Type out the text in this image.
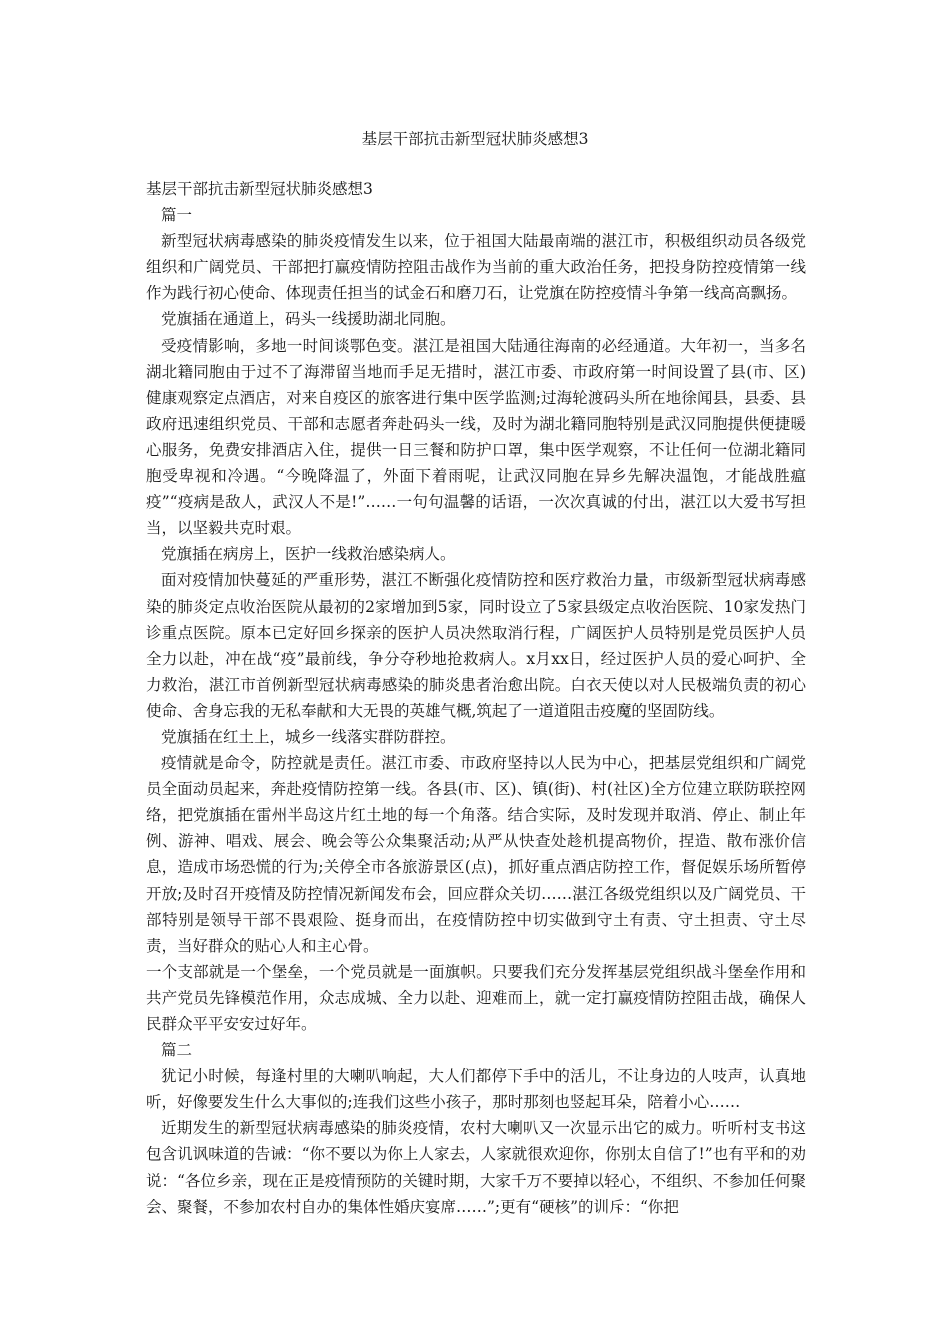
基层干部抗击新型冠状肺炎感想3

基层干部抗击新型冠状肺炎感想3

篇一

新型冠状病毒感染的肺炎疫情发生以来，位于祖国大陆最南端的湛江市，积极组织动员各级党组织和广阔党员、干部把打赢疫情防控阻击战作为当前的重大政治任务，把投身防控疫情第一线作为践行初心使命、体现责任担当的试金石和磨刀石，让党旗在防控疫情斗争第一线高高飘扬。

党旗插在通道上，码头一线援助湖北同胞。

受疫情影响，多地一时间谈鄂色变。湛江是祖国大陆通往海南的必经通道。大年初一，当多名湖北籍同胞由于过不了海滞留当地而手足无措时，湛江市委、市政府第一时间设置了县(市、区)健康观察定点酒店，对来自疫区的旅客进行集中医学监测;过海轮渡码头所在地徐闻县，县委、县政府迅速组织党员、干部和志愿者奔赴码头一线，及时为湖北籍同胞特别是武汉同胞提供便捷暖心服务，免费安排酒店入住，提供一日三餐和防护口罩，集中医学观察，不让任何一位湖北籍同胞受卑视和冷遇。“今晚降温了，外面下着雨呢，让武汉同胞在异乡先解决温饱，才能战胜瘟疫”“疫病是敌人，武汉人不是!”……一句句温馨的话语，一次次真诚的付出，湛江以大爱书写担当，以坚毅共克时艰。

党旗插在病房上，医护一线救治感染病人。

面对疫情加快蔓延的严重形势，湛江不断强化疫情防控和医疗救治力量，市级新型冠状病毒感染的肺炎定点收治医院从最初的2家增加到5家，同时设立了5家县级定点收治医院、10家发热门诊重点医院。原本已定好回乡探亲的医护人员决然取消行程，广阔医护人员特别是党员医护人员全力以赴，冲在战“疫”最前线，争分夺秒地抢救病人。x月xx日，经过医护人员的爱心呵护、全力救治，湛江市首例新型冠状病毒感染的肺炎患者治愈出院。白衣天使以对人民极端负责的初心使命、舍身忘我的无私奉献和大无畏的英雄气概,筑起了一道道阻击疫魔的坚固防线。

党旗插在红土上，城乡一线落实群防群控。

疫情就是命令，防控就是责任。湛江市委、市政府坚持以人民为中心，把基层党组织和广阔党员全面动员起来，奔赴疫情防控第一线。各县(市、区)、镇(街)、村(社区)全方位建立联防联控网络，把党旗插在雷州半岛这片红土地的每一个角落。结合实际，及时发现并取消、停止、制止年例、游神、唱戏、展会、晚会等公众集聚活动;从严从快查处趁机提高物价，捏造、散布涨价信息，造成市场恐慌的行为;关停全市各旅游景区(点)，抓好重点酒店防控工作，督促娱乐场所暂停开放;及时召开疫情及防控情况新闻发布会，回应群众关切……湛江各级党组织以及广阔党员、干部特别是领导干部不畏艰险、挺身而出，在疫情防控中切实做到守土有责、守土担责、守土尽责，当好群众的贴心人和主心骨。

一个支部就是一个堡垒，一个党员就是一面旗帜。只要我们充分发挥基层党组织战斗堡垒作用和共产党员先锋模范作用，众志成城、全力以赴、迎难而上，就一定打赢疫情防控阻击战，确保人民群众平平安安过好年。

篇二

犹记小时候，每逢村里的大喇叭响起，大人们都停下手中的活儿，不让身边的人吱声，认真地听，好像要发生什么大事似的;连我们这些小孩子，那时那刻也竖起耳朵，陪着小心……

近期发生的新型冠状病毒感染的肺炎疫情，农村大喇叭又一次显示出它的威力。听听村支书这包含讥讽味道的告诫：“你不要以为你上人家去，人家就很欢迎你，你别太自信了!”也有平和的劝说：“各位乡亲，现在正是疫情预防的关键时期，大家千万不要掉以轻心，不组织、不参加任何聚会、聚餐，不参加农村自办的集体性婚庆宴席……”;更有“硬核”的训斥：“你把
